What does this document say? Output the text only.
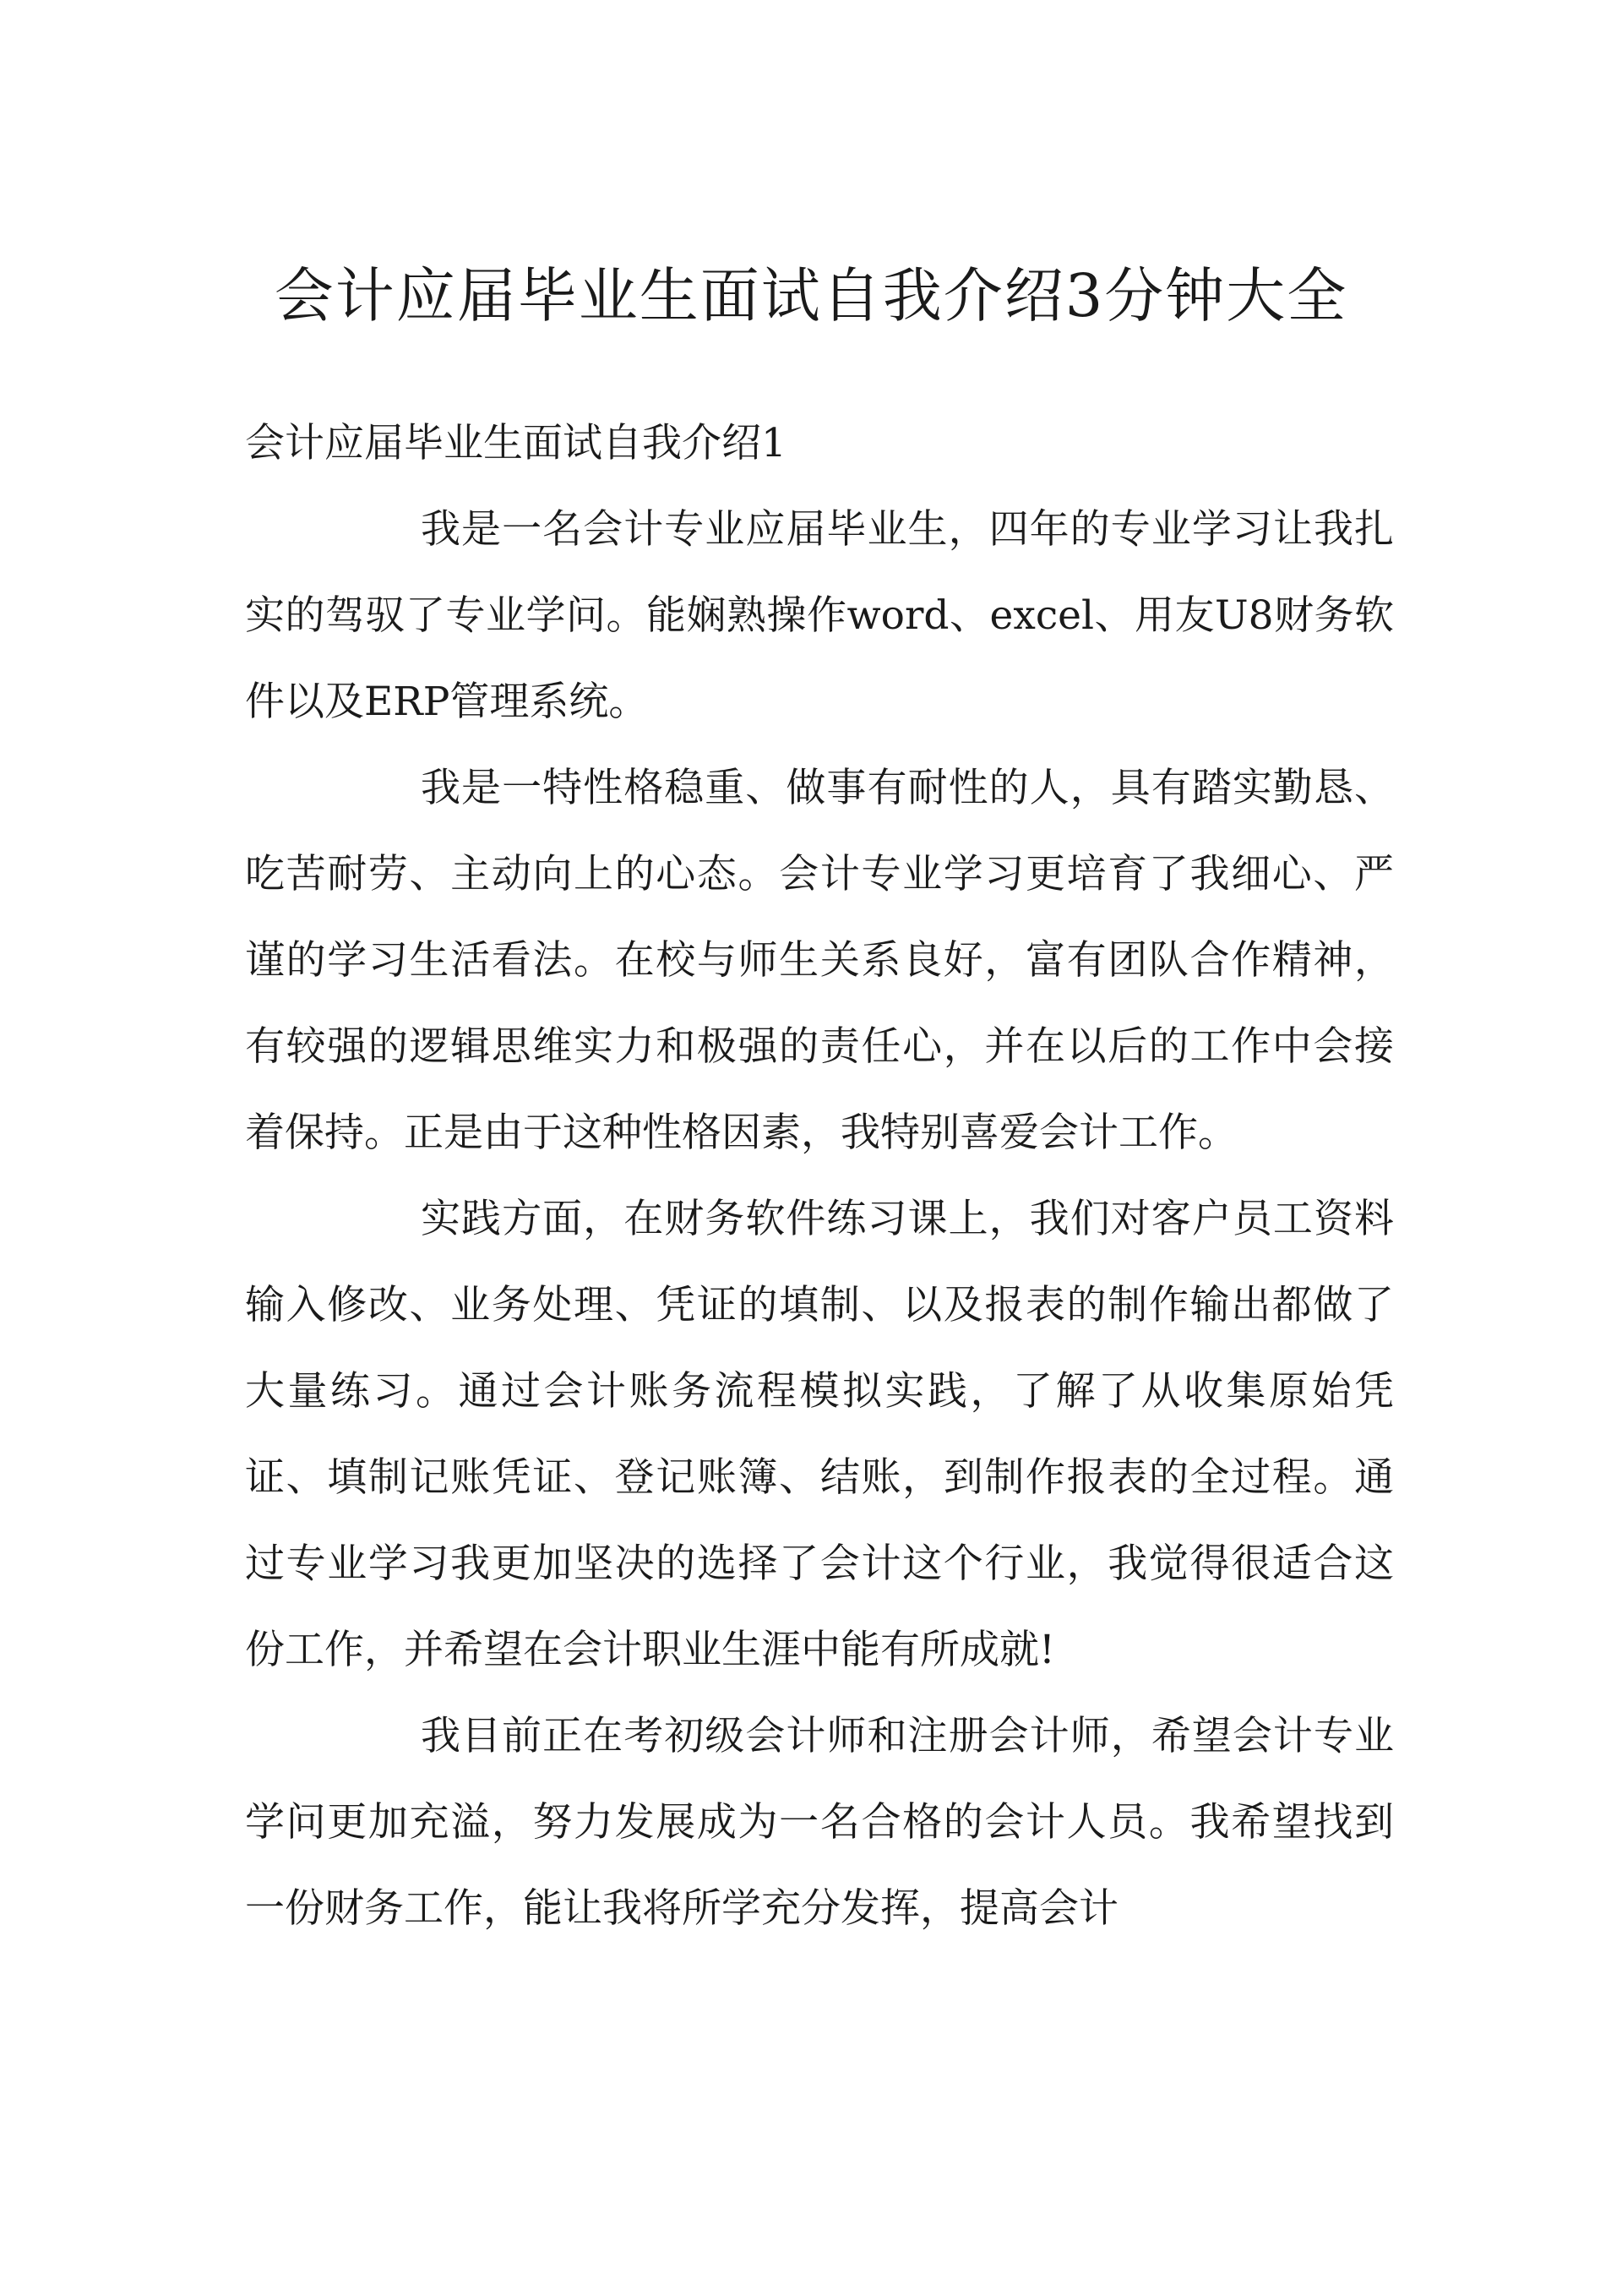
会计应届毕业生面试自我介绍3分钟大全
会计应届毕业生面试自我介绍1

我是一名会计专业应届毕业生，四年的专业学习让我扎实的驾驭了专业学问。能娴熟操作word、excel、用友U8财务软件以及ERP管理系统。

我是一特性格稳重、做事有耐性的人，具有踏实勤恳、吃苦耐劳、主动向上的心态。会计专业学习更培育了我细心、严谨的学习生活看法。在校与师生关系良好，富有团队合作精神，有较强的逻辑思维实力和极强的责任心，并在以后的工作中会接着保持。正是由于这种性格因素，我特别喜爱会计工作。

实践方面，在财务软件练习课上，我们对客户员工资料输入修改、业务处理、凭证的填制、以及报表的制作输出都做了大量练习。通过会计账务流程模拟实践，了解了从收集原始凭证、填制记账凭证、登记账簿、结账，到制作报表的全过程。通过专业学习我更加坚决的选择了会计这个行业，我觉得很适合这份工作，并希望在会计职业生涯中能有所成就!

我目前正在考初级会计师和注册会计师，希望会计专业学问更加充溢，努力发展成为一名合格的会计人员。我希望找到一份财务工作，能让我将所学充分发挥，提高会计
